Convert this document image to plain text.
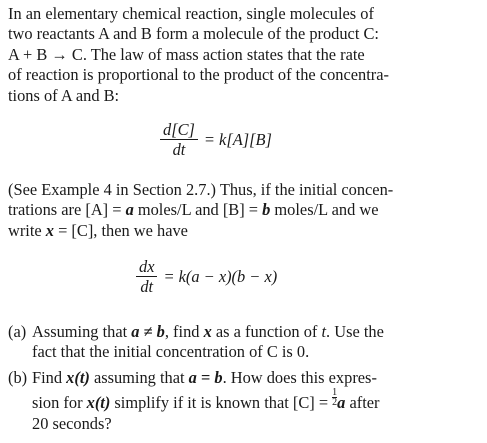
In an elementary chemical reaction, single molecules of
two reactants A and B form a molecule of the product C:
A + B → C. The law of mass action states that the rate
of reaction is proportional to the product of the concentra-
tions of A and B:

$\frac{d[C]}{dt} = k[A][B]$

(See Example 4 in Section 2.7.) Thus, if the initial concen-
trations are [A] = a moles/L and [B] = b moles/L and we
write x = [C], then we have

$\frac{dx}{dt} = k(a - x)(b - x)$
(a) Assuming that a ≠ b, find x as a function of t. Use the
fact that the initial concentration of C is 0.
(b) Find x(t) assuming that a = b. How does this expres-
sion for x(t) simplify if it is known that $[C] = \frac{1}{2}$ a after
20 seconds?
